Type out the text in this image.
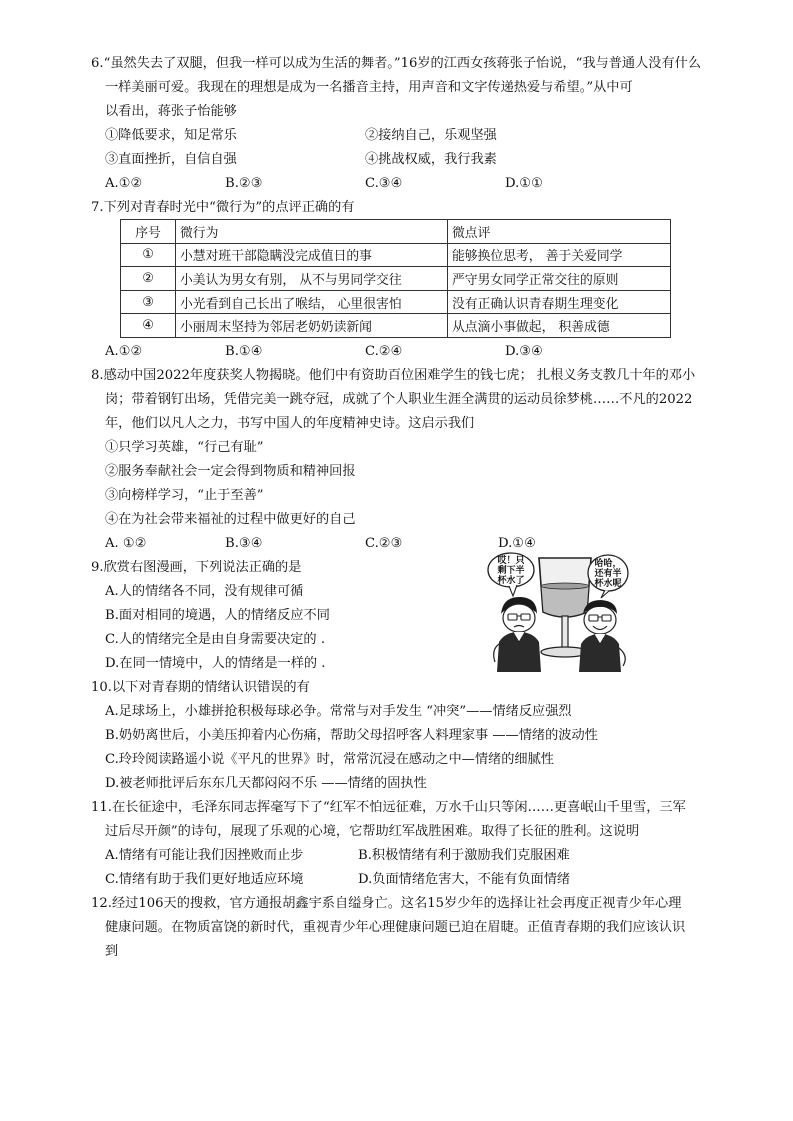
6.“虽然失去了双腿，但我一样可以成为生活的舞者。”16岁的江西女孩蒋张子怡说，“我与普通人没有什么
一样美丽可爱。我现在的理想是成为一名播音主持，用声音和文字传递热爱与希望。”从中可
以看出，蒋张子怡能够
①降低要求，知足常乐	②接纳自己，乐观坚强
③直面挫折，自信自强	④挑战权威，我行我素
A.①②	B.②③	C.③④	D.①①
7.下列对青春时光中“微行为”的点评正确的有
序号	微行为	微点评
①	小慧对班干部隐瞒没完成值日的事	能够换位思考， 善于关爱同学
②	小美认为男女有别， 从不与男同学交往	严守男女同学正常交往的原则
③	小光看到自己长出了喉结， 心里很害怕	没有正确认识青春期生理变化
④	小丽周末坚持为邻居老奶奶读新闻	从点滴小事做起， 积善成德
A.①②	B.①④	C.②④	D.③④
8.感动中国2022年度获奖人物揭晓。他们中有资助百位困难学生的钱七虎； 扎根义务支教几十年的邓小
岗；带着钢钉出场，凭借完美一跳夺冠，成就了个人职业生涯全满贯的运动员徐梦桃……不凡的2022
年，他们以凡人之力，书写中国人的年度精神史诗。这启示我们
①只学习英雄，“行己有耻”
②服务奉献社会一定会得到物质和精神回报
③向榜样学习，“止于至善”
④在为社会带来福祉的过程中做更好的自己
A. ①②	B.③④	C.②③	D.①④
9.欣赏右图漫画，下列说法正确的是
A.人的情绪各不同，没有规律可循
B.面对相同的境遇，人的情绪反应不同
C.人的情绪完全是由自身需要决定的 .
D.在同一情境中，人的情绪是一样的 .
哎！只
剩下半
杯水了
哈哈，
还有半
杯水呢
10.以下对青春期的情绪认识错误的有
A.足球场上，小雄拼抢积极每球必争。常常与对手发生 “冲突”——情绪反应强烈
B.奶奶离世后，小美压抑着内心伤痛，帮助父母招呼客人料理家事 ——情绪的波动性
C.玲玲阅读路遥小说《平凡的世界》时，常常沉浸在感动之中—情绪的细腻性
D.被老师批评后东东几天都闷闷不乐 ——情绪的固执性
11.在长征途中，毛泽东同志挥毫写下了“红军不怕远征难，万水千山只等闲……更喜岷山千里雪，三军
过后尽开颜”的诗句，展现了乐观的心境，它帮助红军战胜困难。取得了长征的胜利。这说明
A.情绪有可能让我们因挫败而止步	B.积极情绪有利于激励我们克服困难
C.情绪有助于我们更好地适应环境	D.负面情绪危害大，不能有负面情绪
12.经过106天的搜救，官方通报胡鑫宇系自缢身亡。这名15岁少年的选择让社会再度正视青少年心理
健康问题。在物质富饶的新时代，重视青少年心理健康问题已迫在眉睫。正值青春期的我们应该认识
到
